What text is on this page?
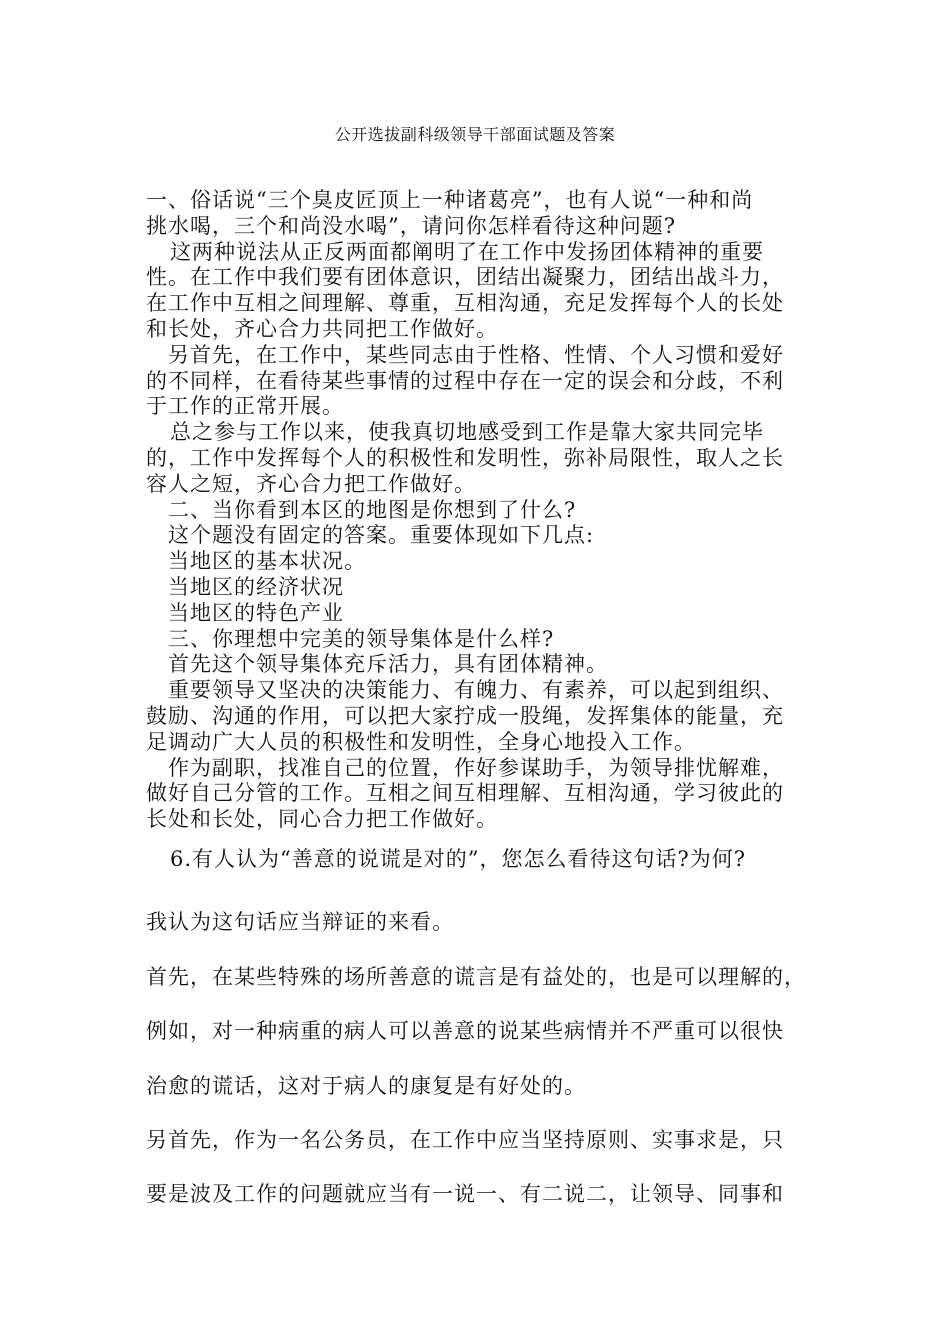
公开选拔副科级领导干部面试题及答案

一、俗话说“三个臭皮匠顶上一种诸葛亮”，也有人说“一种和尚

挑水喝，三个和尚没水喝”，请问你怎样看待这种问题?

这两种说法从正反两面都阐明了在工作中发扬团体精神的重要

性。在工作中我们要有团体意识，团结出凝聚力，团结出战斗力，

在工作中互相之间理解、尊重，互相沟通，充足发挥每个人的长处

和长处，齐心合力共同把工作做好。

另首先，在工作中，某些同志由于性格、性情、个人习惯和爱好

的不同样，在看待某些事情的过程中存在一定的误会和分歧，不利

于工作的正常开展。

总之参与工作以来，使我真切地感受到工作是靠大家共同完毕

的，工作中发挥每个人的积极性和发明性，弥补局限性，取人之长

容人之短，齐心合力把工作做好。

二、当你看到本区的地图是你想到了什么?

这个题没有固定的答案。重要体现如下几点:

当地区的基本状况。

当地区的经济状况

当地区的特色产业

三、你理想中完美的领导集体是什么样?

首先这个领导集体充斥活力，具有团体精神。

重要领导又坚决的决策能力、有魄力、有素养，可以起到组织、

鼓励、沟通的作用，可以把大家拧成一股绳，发挥集体的能量，充

足调动广大人员的积极性和发明性，全身心地投入工作。

作为副职，找准自己的位置，作好参谋助手，为领导排忧解难，

做好自己分管的工作。互相之间互相理解、互相沟通，学习彼此的

长处和长处，同心合力把工作做好。

6.有人认为“善意的说谎是对的”，您怎么看待这句话?为何?
我认为这句话应当辩证的来看。
首先，在某些特殊的场所善意的谎言是有益处的，也是可以理解的，
例如，对一种病重的病人可以善意的说某些病情并不严重可以很快
治愈的谎话，这对于病人的康复是有好处的。
另首先，作为一名公务员，在工作中应当坚持原则、实事求是，只
要是波及工作的问题就应当有一说一、有二说二，让领导、同事和
